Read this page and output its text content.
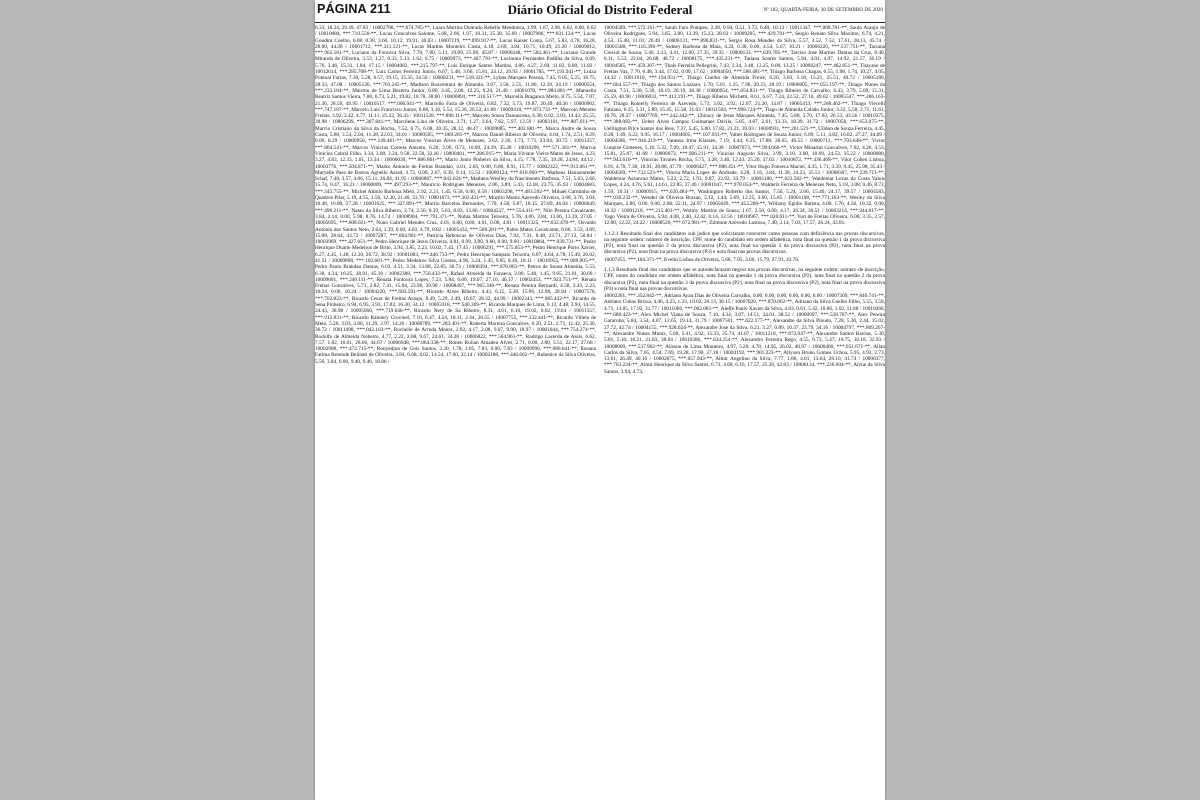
PÁGINA 211	Diário Oficial do Distrito Federal	Nº 182, QUARTA-FEIRA, 30 DE SETEMBRO DE 2020

6.33, 18.34, 29.49, 47.83 / 10002788, ***.674.785-**, Luara Martins Dourado Rebello Mendonca, 1.99, 1.67, 2.96, 6.62, 0.00, 6.62 / 10010084, ***.710.556-**, Lucas Goncalves Salome, 5.68, 2.66, 1.97, 10.31, 25.38, 35.69 / 10007986, ***.831.134-**, Lucas Goudim Coelho, 6.08, 0.38, 3.66, 10.12, 19.91, 30.03 / 10007119, ***.099.917-**, Lucas Kaiser Costa, 5.67, 5.83, 4.78, 16.28, 28.00, 44.28 / 10001712, ***.311.121-**, Lucas Martins Monteiro Costa, 4.18, 2.69, 3.84, 10.71, 10.49, 21.20 / 10009012, ***.962.581-**, Luciano da Fonceca Silva, 7.78, 7.00, 5.11, 19.89, 25.98, 45.87 / 10000248, ***.582.461-**, Luciano Grande Miranda de Oliveira, 3.53, 1.27, 0.33, 5.13, 1.62, 6.75 / 10009973, ***.407.791-**, Lucimara Fernandes Padilha da Silva, 6.09, 5.76, 3.46, 15.31, 1.84, 17.15 / 10004082, ***.215.797-**, Luis Enrique Santos Martins, 4.86, 4.27, 2.69, 11.82, 0.00, 11.82 / 10012014, ***.285.708-**, Luiz Carlos Ferreira Junior, 6.67, 5.48, 3.66, 15.81, 24.12, 39.93 / 10001785, ***.193.941-**, Luiza Pontual Farias, 7.30, 5.28, 6.57, 19.15, 15.35, 34.50 / 10000231, ***.518.321-**, Lybna Marques Pessoa, 7.45, 6.05, 5.25, 18.75, 28.33, 47.08 / 10005126, ***.763.245-**, Madison Boaventura de Almeida, 3.67, 3.58, 2.55, 11.80, 12.39, 24.19 / 10000554, ***.233.184-**, Mairton de Lima Bezerra Junior, 6.80, 3.45, 2.00, 12.25, 9.24, 21.49 / 10001078, ***.984.881-**, Manuella Beatriz Santos Vieira, 7.88, 6.73, 5.21, 19.82, 18.78, 38.60 / 10000891, ***.310.517-**, Marcella Braganca Mello, 8.75, 5.54, 7.07, 21.36, 28.59, 49.95 / 10010517, ***.000.941-**, Marcello Faria de Oliveira, 6.82, 7.32, 5.73, 19.87, 20.49, 40.36 / 10000902, ***.747.187-**, Marcelo Luis Francisco Junior, 6.68, 3.16, 5.52, 15.36, 26.52, 41.88 / 10009410, ***.873.731-**, Marcelo Mendes Freitas, 3.92, 2.42, 4.77, 11.11, 25.32, 36.43 / 10011528, ***.896.111-**, Marcelo Sousa Damascena, 6.38, 6.02, 2.03, 14.43, 25.55, 39.98 / 10006299, ***.307.841-**, Marcilene Lino de Oliveira, 2.71, 1.27, 3.64, 7.62, 5.97, 13.59 / 10003101, ***.887.011-**, Marcio Cristiano da Silva da Rocha, 7.52, 6.75, 6.08, 20.35, 28.12, 48.47 / 10009885, ***.402.881-**, Marco Andre de Sousa Costa, 5.80, 3.54, 2.04, 11.38, 22.63, 34.01 / 10000505, ***.069.281-**, Marcos Daniel Ribeiro de Oliveira, 4.04, 1.74, 2.51, 8.29, 0.00, 8.29 / 10000956, ***.149.461-**, Marcos Vinicius Alves de Menezes, 3.62, 2.36, 1.73, 7.71, 23.04, 30.75 / 10011257, ***.804.541-**, Marcos Vinicius Correia Aniceto, 6.20, 3.96, 0.73, 10.89, 24.39, 35.28 / 10010296, ***.571.361-**, Marcus Vinicius Cabral Filho, 3.34, 3.00, 3.24, 9.58, 22.58, 32.16 / 10000481, ***.286.915-**, Maria Viviane Vieira Matos de Jesus, 4.23, 3.27, 4.83, 12.33, 1.01, 13.34 / 10000030, ***.886.861-**, Mario Junio Pinheiro da Silva, 4.15, 7.78, 7.35, 19.28, 24.84, 44.12 / 10003776, ***.504.871-**, Marko Antonio de Freitas Brandao, 4.01, 2.85, 0.00, 6.86, 8.91, 15.77 / 10002322, ***.913.061-**, Maryelle Paes de Barros Agnello Assad, 3.72, 0.00, 2.67, 6.39, 9.14, 15.53 / 10009124, ***.618.960-**, Matheus Hainzenreder Schaf, 7.48, 3.57, 4.06, 15.11, 26.84, 41.95 / 10000887, ***.042.624-**, Matheus Weslley do Nascimento Barbosa, 7.51, 5.63, 2.60, 15.74, 0.47, 16.21 / 10000809, ***.497.293-**, Mauricio Rodrigues Menezes, 2.86, 3.89, 5.43, 12.18, 23.75, 35.93 / 10004683, ***.343.755-**, Michel Altinio Barbosa Melo, 2.92, 2.21, 1.45, 6.58, 0.00, 6.58 / 10003298, ***.483.592-**, Mihael Carminho de Quadros Pilar, 5.19, 4.55, 2.56, 12.30, 21.40, 33.70 / 10001673, ***.303.431-**, Murillo Muniz Azevedo Oliveira, 3.68, 3.76, 3.04, 10.48, 16.80, 27.28 / 10001625, ***.327.891-**, Murilo Barcelos Bernardes, 7.70, 4.58, 5.87, 18.15, 27.89, 46.04 / 10006049, ***.496.211-**, Natan da Silva Ribeiro, 2.74, 2.50, 0.39, 5.63, 8.03, 13.66 / 10004237, ***.554.411-**, Nilo Pereira Cavalcante, 3.84, 2.14, 0.00, 5.98, 8.76, 14.74 / 10008904, ***.791.371-**, Nubia Martins Teixeira, 5.76, 4.06, 3.84, 13.66, 13.39, 27.05 / 10005695, ***.608.021-**, Nuno Gabriel Mendes Cruz, 4.01, 0.00, 0.00, 4.01, 0.00, 4.01 / 10011325, ***.032.478-**, Osvaldo Antonio dos Santos Neto, 2.64, 1.39, 0.00, 4.03, 4.79, 8.82 / 10005432, ***.589.281-**, Pablo Matos Cavalcante, 6.66, 3.53, 4.89, 15.08, 28.64, 43.72 / 10007287, ***.894.901-**, Patricia Reboucas de Oliveira Dias, 7.92, 7.31, 8.48, 23.71, 27.13, 50.84 / 10003969, ***.427.651-**, Pedro Henrique de Jesus Oliveira, 4.81, 0.99, 3.80, 9.60, 0.00, 9.60 / 10010864, ***.039.731-**, Pedro Henrique Duarte Medeiros de Brito, 3.94, 3.85, 2.23, 10.02, 7.43, 17.45 / 10006291, ***.575.853-**, Pedro Henrique Porto Xavier, 6.27, 4.45, 1.48, 12.20, 26.72, 38.92 / 10001083, ***.446.733-**, Pedro Henrique Sampaio Teixeira, 6.07, 4.64, 4.78, 15.49, 26.02, 41.51 / 10009898, ***.102.681-**, Pedro Medeiros Silva Gomes, 4.96, 3.24, 1.45, 9.65, 8.46, 18.11 / 10010955, ***.089.905-**, Pedro Paulo Brandao Dantas, 6.03, 4.51, 3.34, 13.88, 22.85, 36.73 / 10006394, ***.876.863-**, Petrus de Sousa Almeida, 5.53, 6.38, 4.34, 16.25, 28.91, 45.16 / 10002388, ***.756.432-**, Rafael Almeida da Fonseca, 2.80, 5.40, 1.45, 9.65, 21.01, 30.66 / 10009001, ***.240.111-**, Renata Fontoura Lopes, 7.23, 5.84, 6.00, 19.07, 27.10, 46.17 / 10002453, ***.923.751-**, Renata Freitas Goncalves, 5.71, 2.82, 7.41, 15.94, 23.96, 39.90 / 10008407, ***.965.348-**, Renata Pereira Bernardi, 4.58, 3.43, 2.23, 10.24, 0.00, 10.24 / 10004220, ***.683.591-**, Ricardo Alves Ribeiro, 4.43, 6.15, 5.38, 15.96, 12.98, 28.94 / 10007578, ***.702.823-**, Ricardo Cesar de Freitas Araujo, 8.49, 5.29, 2.49, 16.67, 28.32, 44.99 / 10002243, ***.985.432-**, Ricardo de Sena Pinheiro, 6.94, 6.95, 3.93, 17.82, 16.30, 34.12 / 10003318, ***.540.369-**, Ricardo Marques de Lima, 6.13, 4.48, 3.94, 14.55, 24.43, 38.98 / 10005060, ***.719.646-**, Ricardo Nery de Sa Ribeiro, 8.31, 4.61, 6.10, 19.02, 0.62, 19.64 / 10011357, ***.912.831-**, Ricardo Rainiery Cruvinel, 7.10, 6.47, 4.54, 18.11, 2.44, 20.55 / 10007755, ***.132.441-**, Ricardo Villela de Melo, 5.26, 3.03, 3.00, 11.29, 2.97, 14.26 / 10008789, ***.283.401-**, Roberta Moreira Goncalves, 6.20, 2.51, 2.71, 11.42, 25.30, 36.72 / 10011498, ***.042.103-**, Rochelle de Arruda Moura, 2.82, 4.17, 2.08, 9.07, 9.90, 18.97 / 10001844, ***.754.274-**, Rodolfo de Almeida Noberto, 4.77, 2.22, 2.68, 9.67, 24.61, 34.28 / 10006822, ***.564.961-**, Rodrigo Lacerda de Assis, 6.62, 7.57, 1.82, 16.01, 28.66, 44.67 / 10006948, ***.064.338-**, Ronen Rulian Amadeu Alves, 2.71, 0.00, 2.80, 5.51, 22.17, 27.68 / 10002908, ***.472.715-**, Ronyedjon de Gois Santos, 3.20, 1.78, 2.85, 7.83, 0.00, 7.83 / 10009990, ***.080.641-**, Rosana Fatima Resende Belinati de Oliveira, 3.84, 6.68, 4.02, 14.54, 17.60, 32.14 / 10002188, ***.446.662-**, Rubenice da Silva Oliveira, 5.56, 3.84, 0.00, 9.40, 9.46, 18.86 /

10004589, ***.572.161-**, Sarah Faro Pompeu, 2.28, 0.94, 0.51, 3.73, 6.40, 10.13 / 10011347, ***.008.781-**, Saulo Araujo de Oliveira Rodrigues, 5.94, 3.65, 3.80, 13.39, 15.23, 28.62 / 10009205, ***.429.701-**, Sergio Renato Silva Maximo, 6.74, 4.21, 4.53, 15.48, 11.01, 26.49 / 10006131, ***.896.831-**, Sergio Rosa Mendes da Silva, 5.57, 4.52, 7.52, 17.61, 28.13, 45.74 / 10001508, ***.116.396-**, Sidney Barbosa da Maia, 4.24, 0.30, 0.00, 4.54, 5.67, 10.21 / 10006220, ***.537.751-**, Taciana Creciol de Sousa, 5.46, 2.13, 4.41, 12.00, 27.35, 39.35 / 10008133, ***.639.785-**, Tarciso Jose Martins Dantas da Cruz, 8.40, 8.11, 5.53, 22.04, 26.68, 48.72 / 10008175, ***.435.231-**, Tatiana Soares Santos, 5.94, 4.01, 4.97, 14.92, 21.27, 36.19 / 10004585, ***.459.307-**, Thais Ferreira Pellegrini, 7.43, 2.34, 3.48, 13.25, 0.00, 13.25 / 10008247, ***.462.851-**, Thayane de Freitas Vaz, 7.70, 6.48, 3.44, 17.62, 0.00, 17.62 / 10004650, ***.588.481-**, Thiago Barbosa Chagas, 6.55, 1.98, 1.74, 10.27, 4.05, 14.32 / 10011610, ***.194.931-**, Thiago Coelho de Almeida Freire, 6.20, 3.83, 5.18, 15.21, 25.51, 40.72 / 10005180, ***.604.557-**, Thiago dos Santos Lazzaro, 1.70, 5.01, 1.25, 7.96, 20.23, 28.19 / 10006005, ***.055.197-**, Thiago Nunes da Costa, 7.51, 5.38, 5.30, 18.19, 20.19, 38.38 / 10000954, ***.054.831-**, Thiago Ribeiro de Carvalho, 6.43, 3.79, 5.09, 15.31, 25.59, 40.90 / 10006033, ***.412.191-**, Thiago Ribeiro Michetti, 8.61, 6.67, 7.24, 22.52, 27.10, 49.62 / 10005547, ***.286.163-**, Thiago Ronielly Ferreira de Azevedo, 5.73, 3.02, 3.92, 12.67, 21.20, 33.87 / 10005413, ***.268.462-**, Thiago Viecelli Fabiano, 6.25, 3.31, 5.89, 15.45, 15.58, 31.03 / 10011504, ***.998.724-**, Tiago de Almeida Calado Junior, 3.32, 5.58, 2.71, 11.61, 16.76, 28.37 / 10007769, ***.242.442-**, Ubiracy de Jesus Marques Almeida, 7.45, 5.88, 3.70, 17.03, 26.53, 43.56 / 10010375, ***.388.082-**, Ueber Alves Campos Guimaraes Davila, 5.85, 4.87, 2.61, 13.33, 18.39, 31.72 / 10007058, ***.653.075-**, Uellington Price Santos dos Reis, 7.37, 5.45, 5.00, 17.82, 21.21, 39.03 / 10000931, ***.261.521-**, Uildon de Souza Ferreira, 4.45, 0.28, 1.49, 6.22, 9.95, 16.17 / 10004605, ***.107.931-**, Valter Rodrigues de Souza Junior, 6.89, 5.11, 4.82, 16.82, 27.27, 44.09 / 10004586, ***.946.219-**, Vanessa Irma Klassen, 7.19, 4.44, 6.25, 17.88, 28.65, 46.53 / 10000711, ***.703.648-**, Victor Luopize Gimenes, 5.16, 5.32, 7.99, 18.47, 15.91, 34.38 / 10007073, ***.994.666-**, Victor Minarini Goncalves, 7.02, 4.26, 4.53, 15.81, 25.87, 41.68 / 10000073, ***.906.211-**, Vinicius Augusto Silva, 3.99, 3.10, 3.60, 10.69, 24.53, 35.22 / 10008080, ***.943.616-**, Vinicius Tavares Rocha, 5.75, 3.28, 3.40, 12.43, 25.20, 37.63 / 10010872, ***.436.468-**, Vitor Cohen Lisboa, 6.91, 4.70, 7.30, 18.91, 28.88, 47.79 / 10006427, ***.688.451-**, Vitor Hugo Fonseca Maciel, 4.35, 1.71, 3.39, 9.45, 25.98, 35.43 / 10004569, ***.732.523-**, Vitoria Maria Lopes de Andrade, 4.28, 3.16, 3.84, 11.28, 24.23, 35.51 / 10008387, ***.239.711-**, Waldemar Assuncao Matos, 5.22, 2.72, 1.93, 9.87, 23.92, 33.79 / 10003180, ***.023.582-**, Waldemar Lucas da Costa Valois Lopes, 4.24, 4.76, 5.61, 14.61, 22.85, 37.46 / 10001047, ***.978.054-**, Walderiz Ferreira de Menezes Neto, 5.18, 3.08, 0.46, 8.72, 1.59, 10.31 / 10000915, ***.020.484-**, Washington Roberto dos Santos, 7.50, 5.24, 2.66, 15.40, 24.17, 39.57 / 10004583, ***.030.232-**, Wendel de Oliveira Brazao, 5.12, 1.44, 5.69, 12.25, 3.60, 15.85 / 10001198, ***.771.163-**, Wesley da Silva Marques, 2.86, 0.00, 0.00, 2.86, 22.11, 24.97 / 10005649, ***.453.268-**, Willamy Egidio Batista, 4.00, 1.76, 4.56, 10.32, 0.00, 10.32 / 10001218, ***.215.401-**, Wolmy Martins de Sousa, 1.67, 2.50, 0.00, 4.17, 26.34, 30.51 / 10003214, ***.944.017-**, Yago Vieira de Oliveira, 5.94, 4.08, 2.40, 12.42, 0.14, 12.56 / 10010967, ***.020.011-**, Yuri de Freitas Oliveira, 6.08, 3.35, 2.57, 12.00, 12.22, 24.22 / 10000526, ***.672.981-**, Zilmone Azevedo Lustosa, 7.40, 3.14, 7.03, 17.57, 26.24, 43.81.

1.1.2.1 Resultado final dos candidatos sub judice que solicitaram concorrer como pessoas com deficiência nas provas discursivas, na seguinte ordem: número de inscrição, CPF, nome do candidato em ordem alfabética, nota final na questão 1 da prova discursiva (P2), nota final na questão 2 da prova discursiva (P2), nota final na questão 3 da prova discursiva (P2), nota final na prova discursiva (P2), nota final na prova discursiva (P3) e nota final nas provas discursivas.

10007455, ***.104.371-**, Evelin Lisboa de Oliveira, 5.68, 7.05, 3.06, 15.79, 27.91, 43.70.

1.1.3 Resultado final dos candidatos que se autodeclararam negros nas provas discursivas, na seguinte ordem: número de inscrição, CPF, nome do candidato em ordem alfabética, nota final na questão 1 da prova discursiva (P2), nota final na questão 2 da prova discursiva (P2), nota final na questão 3 da prova discursiva (P2), nota final na prova discursiva (P2), nota final na prova discursiva (P3) e nota final nas provas discursivas.

10002201, ***.352.842-**, Adriano Ayan Dias de Oliveira Carvalho, 0.00, 0.00, 0.00, 0.00, 0.00, 0.00 / 10007309, ***.846.741-**, Adriano Cubas Brizsa, 4.46, 4.23, 1.33, 10.02, 26.13, 36.15 / 10007820, ***.870.062-**, Adriano da Silva Coelho Filho, 5.55, 3.59, 4.71, 13.85, 17.92, 31.77 / 10011060, ***.002.081-**, Aleffe Paulo Xavier da Silva, 4.83, 0.61, 5.42, 10.86, 1.02, 11.88 / 10010268, ***.680.423-**, Alex Michel Viana de Souza, 7.10, 4.34, 3.07, 14.51, 24.01, 38.52 / 10000997, ***.538.787-**, Alex Pereira Gararoba, 5.84, 3.54, 4.07, 12.65, 19.14, 31.79 / 10007501, ***.622.177-**, Alexandre da Silva Pinudo, 7.28, 5.30, 2.44, 15.02, 27.72, 42.74 / 10004155, ***.928.024-**, Alexandre Jose da Silva, 6.21, 3.27, 0.89, 10.37, 23.79, 34.16 / 10004797, ***.809.207-**, Alexandre Nunes Muniz, 5.00, 5.41, 4.92, 15.33, 25.74, 41.07 / 10011218, ***.872.047-**, Alexandre Santos Barrias, 5.30, 5.81, 5.10, 16.21, 21.83, 38.04 / 10010306, ***.634.254-**, Alexandro Ferreira Rego, 4.55, 6.73, 5.47, 16.75, 16.18, 32.93 / 10008009, ***.537.902-**, Alisson de Lima Monteiro, 4.97, 5.20, 4.78, 14.95, 26.02, 40.97 / 10000400, ***.051.671-**, Allan Carlos da Silva, 7.05, 4.54, 7.69, 19.28, 17.90, 37.18 / 10004192, ***.901.223-**, Allyson Bruno Gomes Uchoa, 5.95, 4.93, 2.73, 13.61, 26.49, 40.10 / 10002075, ***.057.943-**, Almir Angelino da Silva, 7.77, 1.86, 4.01, 13.64, 28.10, 41.74 / 10006377, ***.763.224-**, Almir Henrique da Silva Santos, 6.73, 4.68, 6.16, 17.57, 25.26, 42.83 / 10006134, ***.236.604-**, Alyne da Silva Santos, 3.94, 4.73,
